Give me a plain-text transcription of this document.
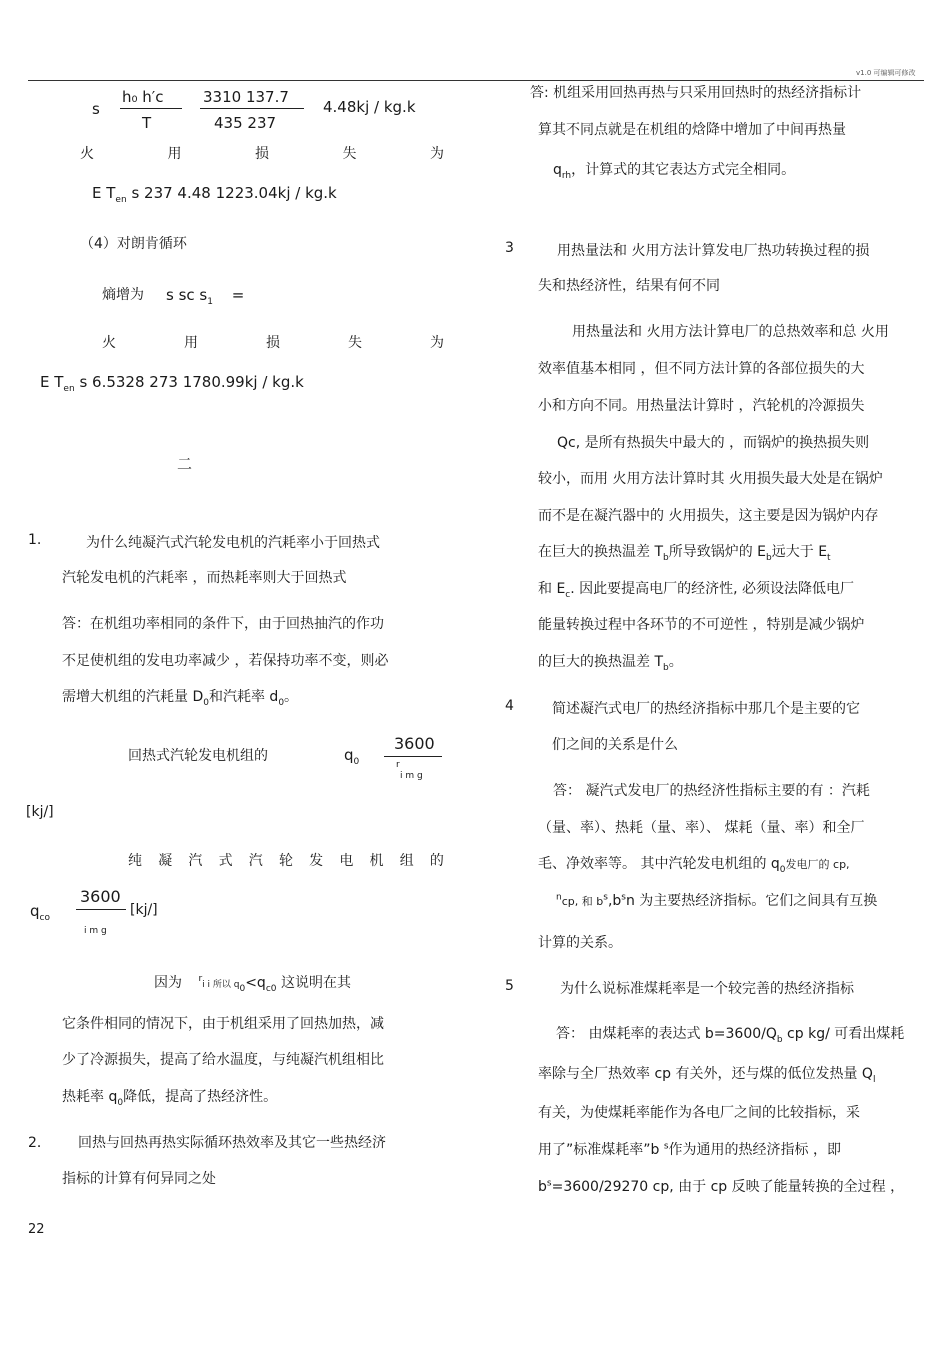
v1.0 可编辑可修改
s
h₀ h′c
T
3310 137.7
435 237
4.48kj / kg.k
火	用	损	失	为
E $T_{en}$ s 237 4.48 1223.04kj / kg.k
（4）对朗肯循环
熵增为 s sc $s_1$ =
火	用	损	失	为
E $T_{en}$ s 6.5328 273 1780.99kj / kg.k
二
1.	为什么纯凝汽式汽轮发电机的汽耗率小于回热式
汽轮发电机的汽耗率 ，而热耗率则大于回热式
答：在机组功率相同的条件下，由于回热抽汽的作功
不足使机组的发电功率减少 ，若保持功率不变，则必
需增大机组的汽耗量 $D_0$和汽耗率 $d_0$。
回热式汽轮发电机组的	$q_0$
3600
r
i m g
[kj/]
纯 凝 汽 式 汽 轮 发 电 机 组 的
$q_{co}$
3600
i m g
[kj/]
因为 $^r$i i 所以 $q_0<q_{c0}$ 这说明在其
它条件相同的情况下，由于机组采用了回热加热，减
少了冷源损失，提高了给水温度，与纯凝汽机组相比
热耗率 $q_0$降低，提高了热经济性。
2． 回热与回热再热实际循环热效率及其它一些热经济
指标的计算有何异同之处
22
答: 机组采用回热再热与只采用回热时的热经济指标计
算其不同点就是在机组的焓降中增加了中间再热量
$q_{rh}$，计算式的其它表达方式完全相同。
3	用热量法和 火用方法计算发电厂热功转换过程的损
失和热经济性，结果有何不同
用热量法和 火用方法计算电厂的总热效率和总 火用
效率值基本相同 ，但不同方法计算的各部位损失的大
小和方向不同。用热量法计算时 ，汽轮机的冷源损失
Qc, 是所有热损失中最大的 ，而锅炉的换热损失则
较小，而用 火用方法计算时其 火用损失最大处是在锅炉
而不是在凝汽器中的 火用损失，这主要是因为锅炉内存
在巨大的换热温差 $T_b$所导致锅炉的 $E_b$远大于 $E_t$
和 $E_c$. 因此要提高电厂的经济性, 必须设法降低电厂
能量转换过程中各环节的不可逆性 ，特别是减少锅炉
的巨大的换热温差 $T_b$。
4	简述凝汽式电厂的热经济指标中那几个是主要的它
们之间的关系是什么
答： 凝汽式发电厂的热经济性指标主要的有 ：汽耗
（量、率）、热耗（量、率）、 煤耗（量、率）和全厂
毛、净效率等。 其中汽轮发电机组的 $q_0$发电厂的 cp,
$^n$cp, 和 $b^s,b^sn$ 为主要热经济指标。它们之间具有互换
计算的关系。
5	为什么说标准煤耗率是一个较完善的热经济指标
答： 由煤耗率的表达式 $b=3600/Q_b$ cp kg/ 可看出煤耗
率除与全厂热效率 cp 有关外，还与煤的低位发热量 $Q_l$
有关，为使煤耗率能作为各电厂之间的比较指标，采
用了”标准煤耗率”b $^s$作为通用的热经济指标 ，即
$b^s=3600/29270$ cp, 由于 cp 反映了能量转换的全过程 ，
